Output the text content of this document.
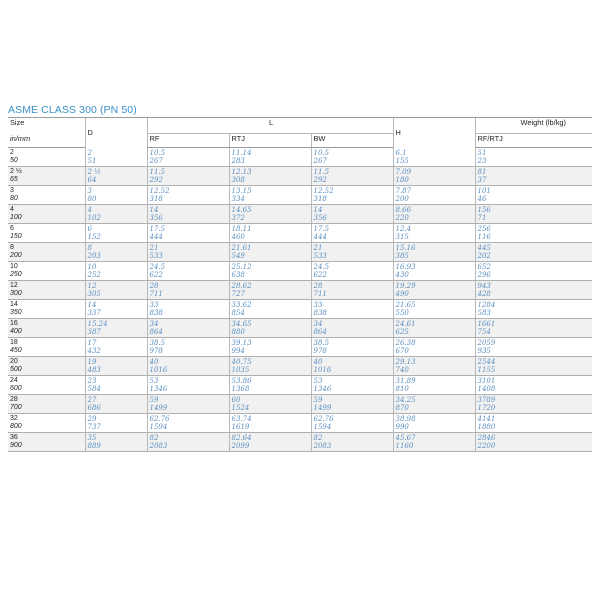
ASME CLASS 300 (PN 50)
Size	D	L			H	Weight (lb/kg)
in/mm		RF	RTJ	BW		RF/RTJ
2	2	10.5	11.14	10.5	6.1	51
50	51	267	283	267	155	23
2 ½	2 ½	11.5	12.13	11.5	7.09	81
65	64	292	308	292	180	37
3	3	12.52	13.15	12.52	7.87	101
80	80	318	334	318	200	46
4	4	14	14.65	14	8.66	156
100	102	356	372	356	220	71
6	6	17.5	18.11	17.5	12.4	256
150	152	444	460	444	315	116
8	8	21	21.61	21	15.16	445
200	203	533	549	533	385	202
10	10	24.5	25.12	24.5	16.93	652
250	252	622	638	622	430	296
12	12	28	28.62	28	19.29	943
300	305	711	727	711	490	428
14	14	33	33.62	33	21.65	1284
350	337	838	854	838	550	583
16	15.24	34	34.65	34	24.61	1661
400	387	864	880	864	625	754
18	17	38.5	39.13	38.5	26.38	2059
450	432	978	994	978	670	935
20	19	40	40.75	40	29.13	2544
500	483	1016	1035	1016	740	1155
24	23	53	53.86	53	31.89	3101
600	584	1346	1368	1346	810	1408
28	27	59	60	59	34.25	3789
700	686	1499	1524	1499	870	1720
32	29	62.76	63.74	62.76	38.98	4141
800	737	1594	1619	1594	990	1880
36	35	82	82.64	82	45.67	2846
900	889	2083	2099	2083	1160	2200
